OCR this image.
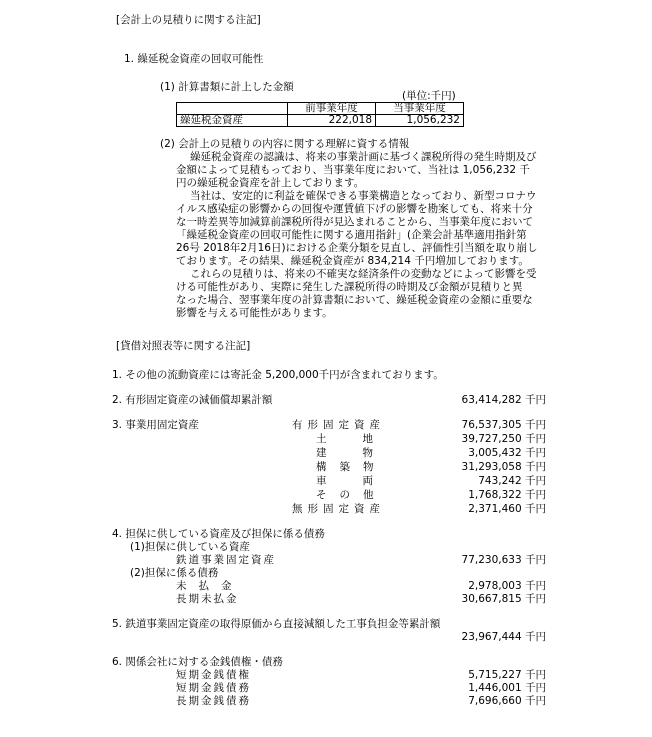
[会計上の見積りに関する注記]
1. 繰延税金資産の回収可能性
(1) 計算書類に計上した金額
(単位:千円)
	前事業年度	当事業年度
繰延税金資産	222,018	1,056,232
(2) 会計上の見積りの内容に関する理解に資する情報
繰延税金資産の認識は、将来の事業計画に基づく課税所得の発生時期及び
金額によって見積もっており、当事業年度において、当社は 1,056,232 千
円の繰延税金資産を計上しております。
当社は、安定的に利益を確保できる事業構造となっており、新型コロナウ
イルス感染症の影響からの回復や運賃値下げの影響を勘案しても、将来十分
な一時差異等加減算前課税所得が見込まれることから、当事業年度において
「繰延税金資産の回収可能性に関する適用指針」(企業会計基準適用指針第
26号 2018年2月16日)における企業分類を見直し、評価性引当額を取り崩し
ております。その結果、繰延税金資産が 834,214 千円増加しております。
これらの見積りは、将来の不確実な経済条件の変動などによって影響を受
ける可能性があり、実際に発生した課税所得の時期及び金額が見積りと異
なった場合、翌事業年度の計算書類において、繰延税金資産の金額に重要な
影響を与える可能性があります。
[貸借対照表等に関する注記]
1. その他の流動資産には寄託金 5,200,000千円が含まれております。
2. 有形固定資産の減価償却累計額	63,414,282 千円
3. 事業用固定資産	有形固定資産	76,537,305 千円
土地	39,727,250 千円
建物	3,005,432 千円
構築物	31,293,058 千円
車両	743,242 千円
その他	1,768,322 千円
無形固定資産	2,371,460 千円
4. 担保に供している資産及び担保に係る債務
(1)担保に供している資産
鉄道事業固定資産	77,230,633 千円
(2)担保に係る債務
未払金	2,978,003 千円
長期未払金	30,667,815 千円
5. 鉄道事業固定資産の取得原価から直接減額した工事負担金等累計額
23,967,444 千円
6. 関係会社に対する金銭債権・債務
短期金銭債権	5,715,227 千円
短期金銭債務	1,446,001 千円
長期金銭債務	7,696,660 千円
